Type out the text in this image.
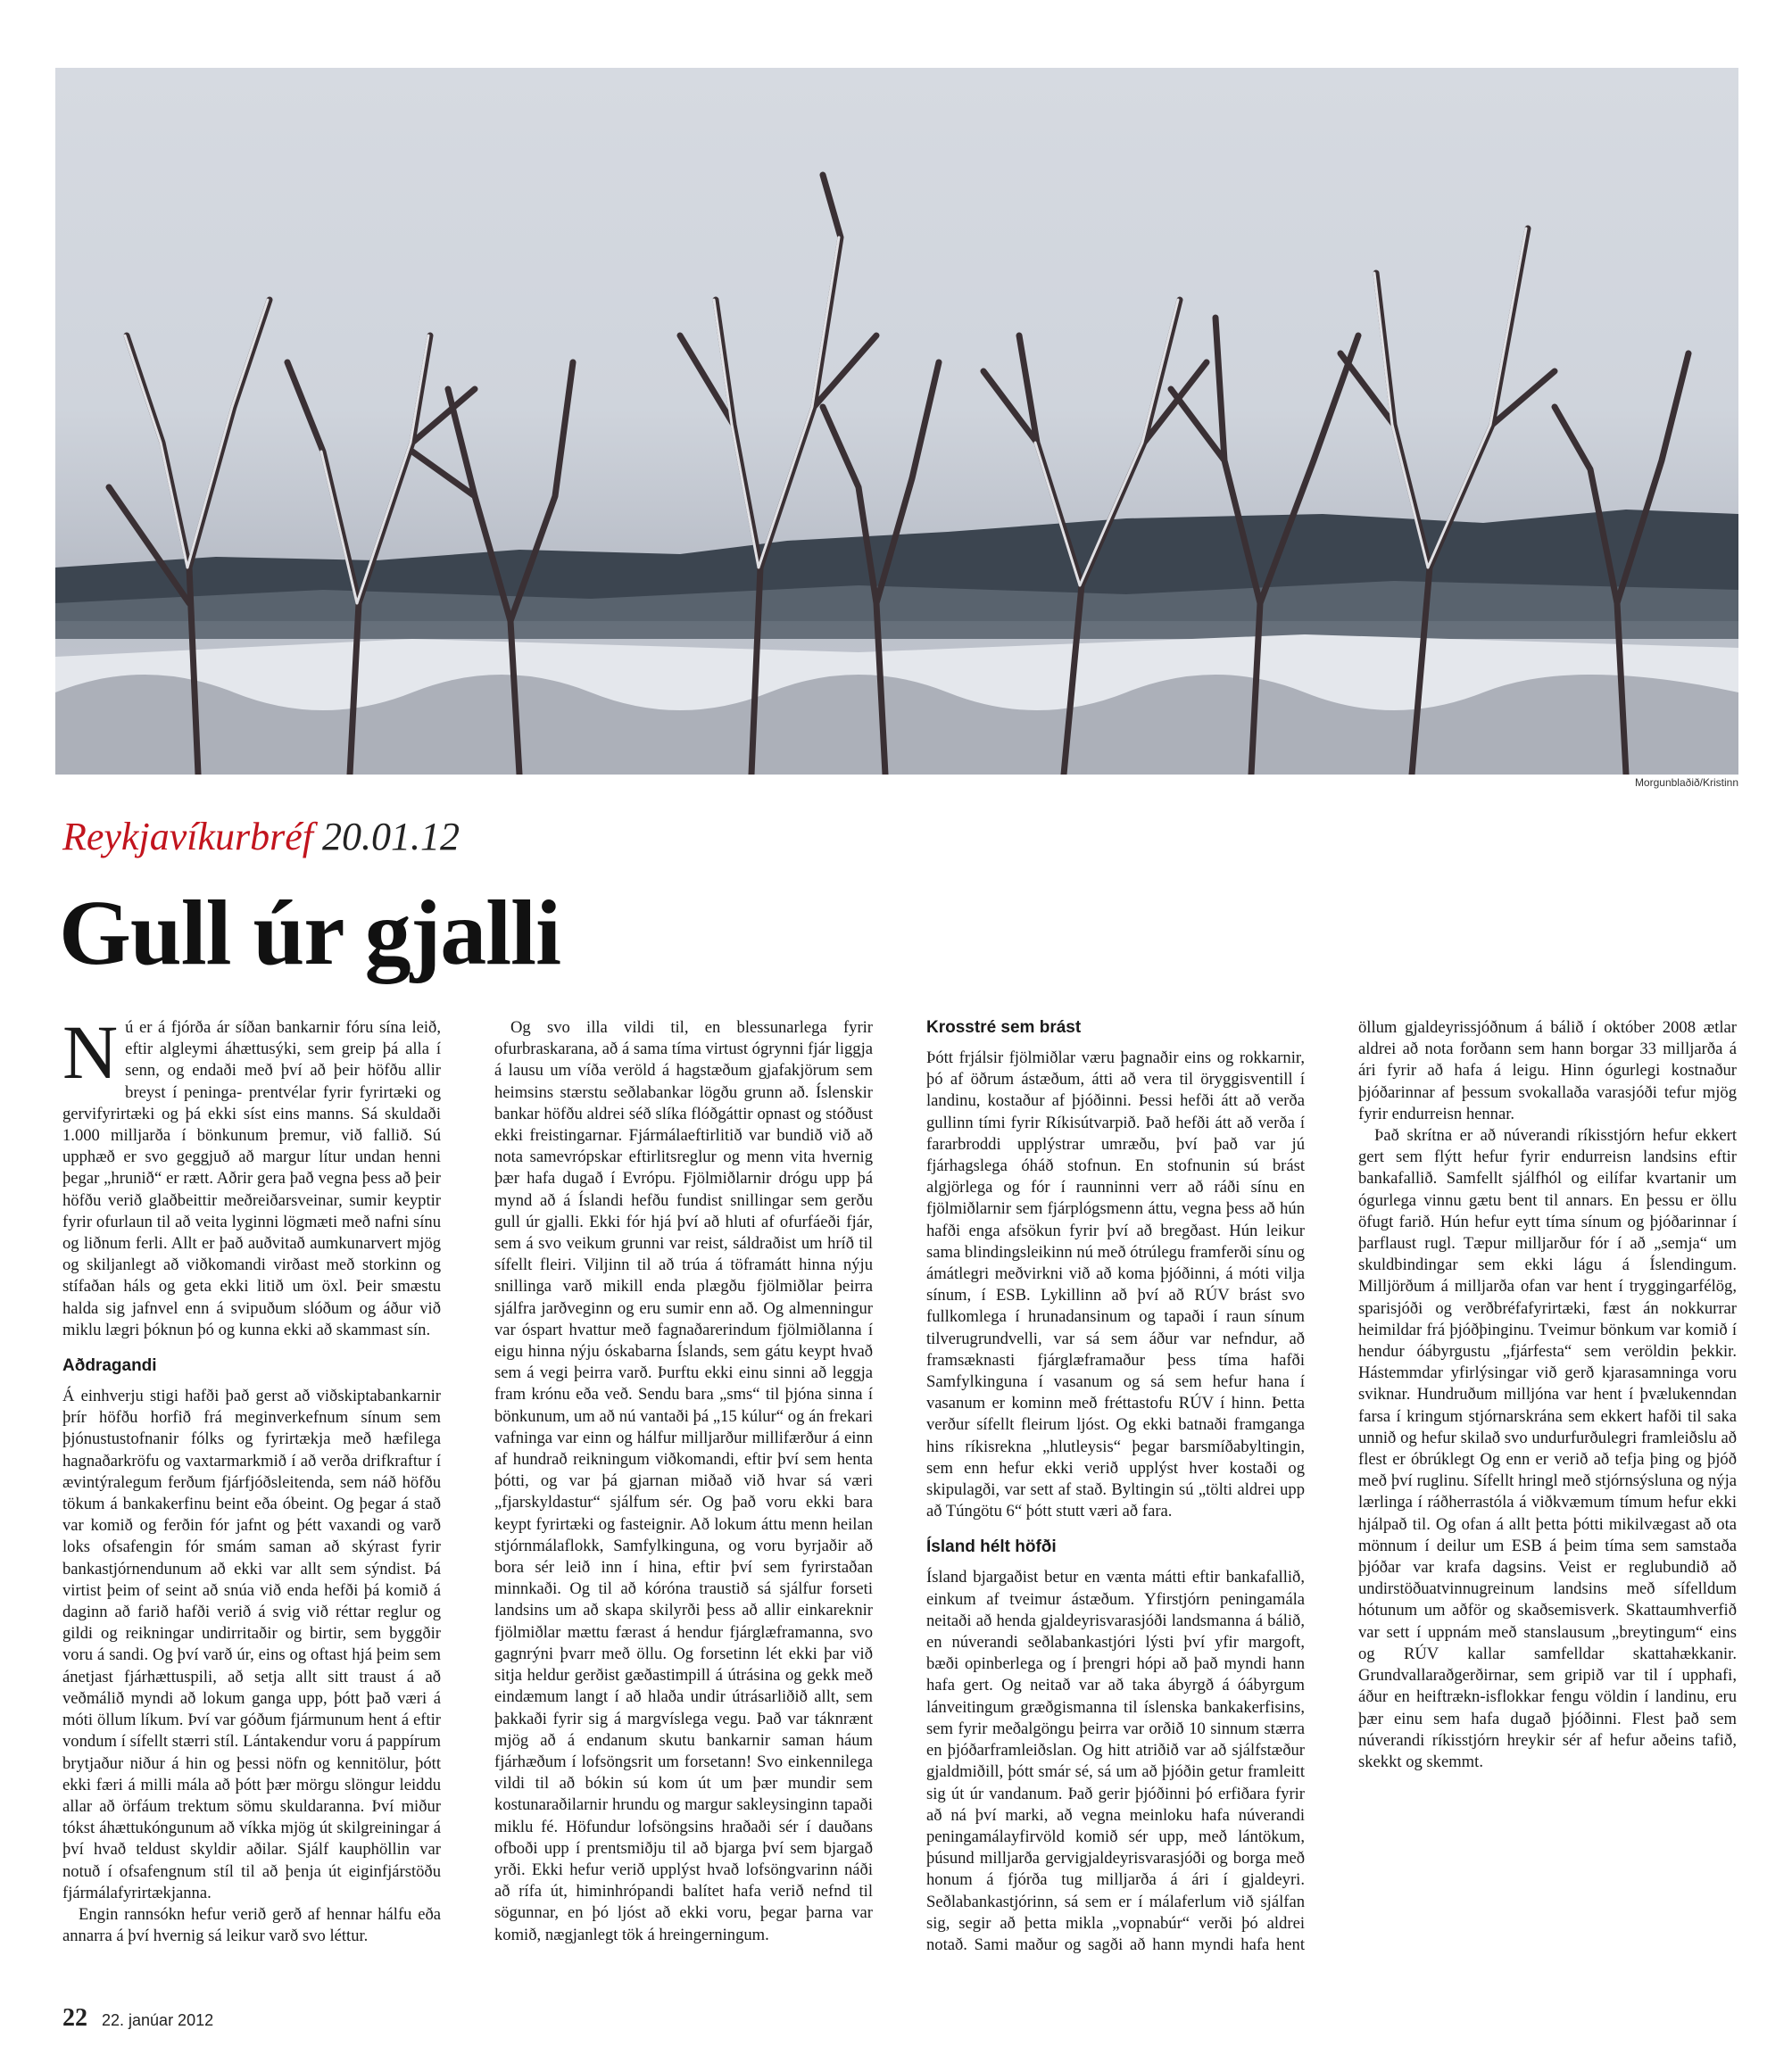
Morgunblaðið/Kristinn
Reykjavíkurbréf 20.01.12
Gull úr gjalli

Nú er á fjórða ár síðan bankarnir fóru sína leið, eftir algleymi áhættusýki, sem greip þá alla í senn, og endaði með því að þeir höfðu allir breyst í peninga- prentvélar fyrir fyrirtæki og gervifyrirtæki og þá ekki síst eins manns. Sá skuldaði 1.000 milljarða í bönkunum þremur, við fallið. Sú upphæð er svo geggjuð að margur lítur undan henni þegar „hrunið“ er rætt. Aðrir gera það vegna þess að þeir höfðu verið glaðbeittir meðreiðarsveinar, sumir keyptir fyrir ofurlaun til að veita lyginni lögmæti með nafni sínu og liðnum ferli. Allt er það auðvitað aumkunarvert mjög og skiljanlegt að viðkomandi virðast með storkinn og stífaðan háls og geta ekki litið um öxl. Þeir smæstu halda sig jafnvel enn á svipuðum slóðum og áður við miklu lægri þóknun þó og kunna ekki að skammast sín.

Aðdragandi

Á einhverju stigi hafði það gerst að viðskiptabankarnir þrír höfðu horfið frá meginverkefnum sínum sem þjónustustofnanir fólks og fyrirtækja með hæfilega hagnaðarkröfu og vaxtarmarkmið í að verða drifkraftur í ævintýralegum ferðum fjárfjóðsleitenda, sem náð höfðu tökum á bankakerfinu beint eða óbeint. Og þegar á stað var komið og ferðin fór jafnt og þétt vaxandi og varð loks ofsafengin fór smám saman að skýrast fyrir bankastjórnendunum að ekki var allt sem sýndist. Þá virtist þeim of seint að snúa við enda hefði þá komið á daginn að farið hafði verið á svig við réttar reglur og gildi og reikningar undirritaðir og birtir, sem byggðir voru á sandi. Og því varð úr, eins og oftast hjá þeim sem ánetjast fjárhættuspili, að setja allt sitt traust á að veðmálið myndi að lokum ganga upp, þótt það væri á móti öllum líkum. Því var góðum fjármunum hent á eftir vondum í sífellt stærri stíl. Lántakendur voru á pappírum brytjaður niður á hin og þessi nöfn og kennitölur, þótt ekki færi á milli mála að þótt þær mörgu slöngur leiddu allar að örfáum trektum sömu skuldaranna. Því miður tókst áhættukóngunum að víkka mjög út skilgreiningar á því hvað teldust skyldir aðilar. Sjálf kauphöllin var notuð í ofsafengnum stíl til að þenja út eiginfjárstöðu fjármálafyrirtækjanna.

Engin rannsókn hefur verið gerð af hennar hálfu eða annarra á því hvernig sá leikur varð svo léttur.

Og svo illa vildi til, en blessunarlega fyrir ofurbraskarana, að á sama tíma virtust ógrynni fjár liggja á lausu um víða veröld á hagstæðum gjafakjörum sem heimsins stærstu seðlabankar lögðu grunn að. Íslenskir bankar höfðu aldrei séð slíka flóðgáttir opnast og stóðust ekki freistingarnar. Fjármálaeftirlitið var bundið við að nota samevrópskar eftirlitsreglur og menn vita hvernig þær hafa dugað í Evrópu. Fjölmiðlarnir drógu upp þá mynd að á Íslandi hefðu fundist snillingar sem gerðu gull úr gjalli. Ekki fór hjá því að hluti af ofurfáeði fjár, sem á svo veikum grunni var reist, sáldraðist um hríð til sífellt fleiri. Viljinn til að trúa á töframátt hinna nýju snillinga varð mikill enda plægðu fjölmiðlar þeirra sjálfra jarðveginn og eru sumir enn að. Og almenningur var óspart hvattur með fagnaðarerindum fjölmiðlanna í eigu hinna nýju óskabarna Íslands, sem gátu keypt hvað sem á vegi þeirra varð. Þurftu ekki einu sinni að leggja fram krónu eða veð. Sendu bara „sms“ til þjóna sinna í bönkunum, um að nú vantaði þá „15 kúlur“ og án frekari vafninga var einn og hálfur milljarður millifærður á einn af hundrað reikningum viðkomandi, eftir því sem henta þótti, og var þá gjarnan miðað við hvar sá væri „fjarskyldastur“ sjálfum sér. Og það voru ekki bara keypt fyrirtæki og fasteignir. Að lokum áttu menn heilan stjórnmálaflokk, Samfylkinguna, og voru byrjaðir að bora sér leið inn í hina, eftir því sem fyrirstaðan minnkaði. Og til að kóróna traustið sá sjálfur forseti landsins um að skapa skilyrði þess að allir einkareknir fjölmiðlar mættu færast á hendur fjárglæframanna, svo gagnrýni þvarr með öllu. Og forsetinn lét ekki þar við sitja heldur gerðist gæðastimpill á útrásina og gekk með eindæmum langt í að hlaða undir útrásarliðið allt, sem þakkaði fyrir sig á margvíslega vegu. Það var táknrænt mjög að á endanum skutu bankarnir saman háum fjárhæðum í lofsöngsrit um forsetann! Svo einkennilega vildi til að bókin sú kom út um þær mundir sem kostunaraðilarnir hrundu og margur sakleysinginn tapaði miklu fé. Höfundur lofsöngsins hraðaði sér í dauðans ofboði upp í prentsmiðju til að bjarga því sem bjargað yrði. Ekki hefur verið upplýst hvað lofsöngvarinn náði að rífa út, himinhrópandi balítet hafa verið nefnd til sögunnar, en þó ljóst að ekki voru, þegar þarna var komið, nægjanlegt tök á hreingerningum.

Krosstré sem brást

Þótt frjálsir fjölmiðlar væru þagnaðir eins og rokkarnir, þó af öðrum ástæðum, átti að vera til öryggisventill í landinu, kostaður af þjóðinni. Þessi hefði átt að verða gullinn tími fyrir Ríkisútvarpið. Það hefði átt að verða í fararbroddi upplýstrar umræðu, því það var jú fjárhagslega óháð stofnun. En stofnunin sú brást algjörlega og fór í raunninni verr að ráði sínu en fjölmiðlarnir sem fjárplógsmenn áttu, vegna þess að hún hafði enga afsökun fyrir því að bregðast. Hún leikur sama blindingsleikinn nú með ótrúlegu framferði sínu og ámátlegri meðvirkni við að koma þjóðinni, á móti vilja sínum, í ESB. Lykillinn að því að RÚV brást svo fullkomlega í hrunadansinum og tapaði í raun sínum tilverugrundvelli, var sá sem áður var nefndur, að framsæknasti fjárglæframaður þess tíma hafði Samfylkinguna í vasanum og sá sem hefur hana í vasanum er kominn með fréttastofu RÚV í hinn. Þetta verður sífellt fleirum ljóst. Og ekki batnaði framganga hins ríkisrekna „hlutleysis“ þegar barsmíðabyltingin, sem enn hefur ekki verið upplýst hver kostaði og skipulagði, var sett af stað. Byltingin sú „tölti aldrei upp að Túngötu 6“ þótt stutt væri að fara.

Ísland hélt höfði

Ísland bjargaðist betur en vænta mátti eftir bankafallið, einkum af tveimur ástæðum. Yfirstjórn peningamála neitaði að henda gjaldeyrisvarasjóði landsmanna á bálið, en núverandi seðlabankastjóri lýsti því yfir margoft, bæði opinberlega og í þrengri hópi að það myndi hann hafa gert. Og neitað var að taka ábyrgð á óábyrgum lánveitingum græðgismanna til íslenska bankakerfisins, sem fyrir meðalgöngu þeirra var orðið 10 sinnum stærra en þjóðarframleiðslan. Og hitt atriðið var að sjálfstæður gjaldmiðill, þótt smár sé, sá um að þjóðin getur framleitt sig út úr vandanum. Það gerir þjóðinni þó erfiðara fyrir að ná því marki, að vegna meinloku hafa núverandi peningamálayfirvöld komið sér upp, með lántökum, þúsund milljarða gervigjaldeyrisvarasjóði og borga með honum á fjórða tug milljarða á ári í gjaldeyri. Seðlabankastjórinn, sá sem er í málaferlum við sjálfan sig, segir að þetta mikla „vopnabúr“ verði þó aldrei notað. Sami maður og sagði að hann myndi hafa hent öllum gjaldeyrissjóðnum á bálið í október 2008 ætlar aldrei að nota forðann sem hann borgar 33 milljarða á ári fyrir að hafa á leigu. Hinn ógurlegi kostnaður þjóðarinnar af þessum svokallaða varasjóði tefur mjög fyrir endurreisn hennar.

Það skrítna er að núverandi ríkisstjórn hefur ekkert gert sem flýtt hefur fyrir endurreisn landsins eftir bankafallið. Samfellt sjálfhól og eilífar kvartanir um ógurlega vinnu gætu bent til annars. En þessu er öllu öfugt farið. Hún hefur eytt tíma sínum og þjóðarinnar í þarflaust rugl. Tæpur milljarður fór í að „semja“ um skuldbindingar sem ekki lágu á Íslendingum. Milljörðum á milljarða ofan var hent í tryggingarfélög, sparisjóði og verðbréfafyrirtæki, fæst án nokkurrar heimildar frá þjóðþinginu. Tveimur bönkum var komið í hendur óábyrgustu „fjárfesta“ sem veröldin þekkir. Hástemmdar yfirlýsingar við gerð kjarasamninga voru sviknar. Hundruðum milljóna var hent í þvælukenndan farsa í kringum stjórnarskrána sem ekkert hafði til saka unnið og hefur skilað svo undurfurðulegri framleiðslu að flest er óbrúklegt Og enn er verið að tefja þing og þjóð með því ruglinu. Sífellt hringl með stjórnsýsluna og nýja lærlinga í ráðherrastóla á viðkvæmum tímum hefur ekki hjálpað til. Og ofan á allt þetta þótti mikilvægast að ota mönnum í deilur um ESB á þeim tíma sem samstaða þjóðar var krafa dagsins. Veist er reglubundið að undirstöðuatvinnugreinum landsins með sífelldum hótunum um aðför og skaðsemisverk. Skattaumhverfið var sett í uppnám með stanslausum „breytingum“ eins og RÚV kallar samfelldar skattahækkanir. Grundvallaraðgerðirnar, sem gripið var til í upphafi, áður en heiftrækn-isflokkar fengu völdin í landinu, eru þær einu sem hafa dugað þjóðinni. Flest það sem núverandi ríkisstjórn hreykir sér af hefur aðeins tafið, skekkt og skemmt.

22 22. janúar 2012
